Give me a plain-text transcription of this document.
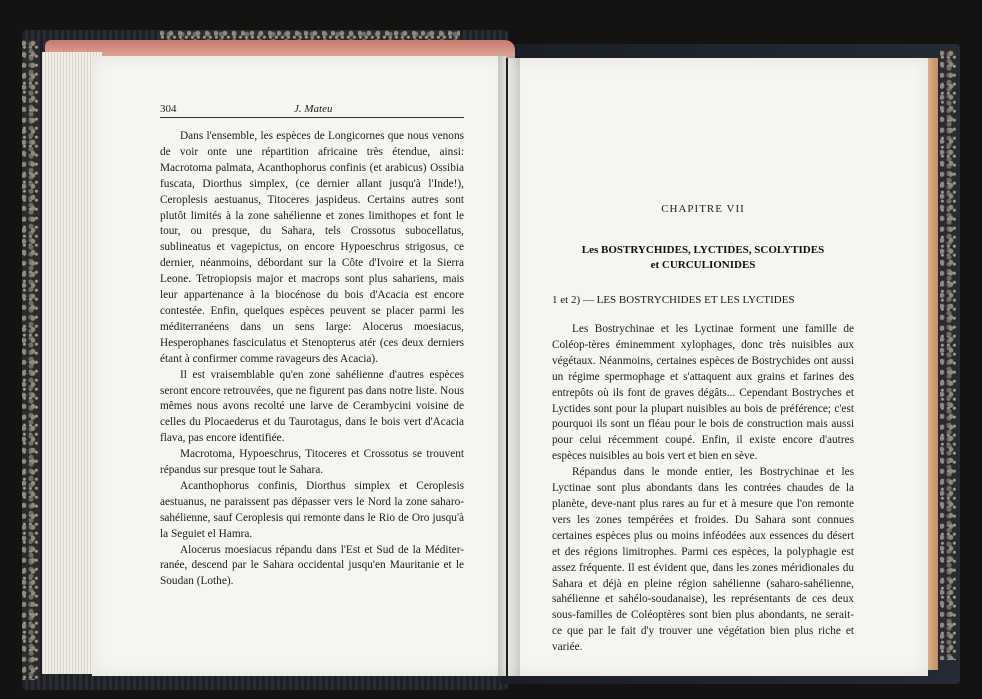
304	J. Mateu

Dans l'ensemble, les espèces de Longicornes que nous venons de voir onte une répartition africaine très étendue, ainsi: Macrotoma palmata, Acanthophorus confinis (et arabicus) Ossibia fuscata, Diorthus simplex, (ce dernier allant jusqu'à l'Inde!), Ceroplesis aestuanus, Titoceres jaspideus. Certains autres sont plutôt limités à la zone sahélienne et zones limithopes et font le tour, ou presque, du Sahara, tels Crossotus subocellatus, sublineatus et vagepictus, on encore Hypoeschrus strigosus, ce dernier, néanmoins, débordant sur la Côte d'Ivoire et la Sierra Leone. Tetropiopsis major et macrops sont plus sahariens, mais leur appartenance à la biocénose du bois d'Acacia est encore contestée. Enfin, quelques espèces peuvent se placer parmi les méditerranéens dans un sens large: Alocerus moesiacus, Hesperophanes fasciculatus et Stenopterus atér (ces deux derniers étant à confirmer comme ravageurs des Acacia).

Il est vraisemblable qu'en zone sahélienne d'autres espèces seront encore retrouvées, que ne figurent pas dans notre liste. Nous mêmes nous avons recolté une larve de Cerambycini voisine de celles du Plocaederus et du Taurotagus, dans le bois vert d'Acacia flava, pas encore identifiée.

Macrotoma, Hypoeschrus, Titoceres et Crossotus se trouvent répandus sur presque tout le Sahara.

Acanthophorus confinis, Diorthus simplex et Ceroplesis aestuanus, ne paraissent pas dépasser vers le Nord la zone saharo-sahélienne, sauf Ceroplesis qui remonte dans le Rio de Oro jusqu'à la Seguiet el Hamra.

Alocerus moesiacus répandu dans l'Est et Sud de la Méditer-ranée, descend par le Sahara occidental jusqu'en Mauritanie et le Soudan (Lothe).

CHAPITRE VII
Les BOSTRYCHIDES, LYCTIDES, SCOLYTIDES
et CURCULIONIDES
1 et 2) — LES BOSTRYCHIDES ET LES LYCTIDES

Les Bostrychinae et les Lyctinae forment une famille de Coléop-tères éminemment xylophages, donc très nuisibles aux végétaux. Néanmoins, certaines espèces de Bostrychides ont aussi un régime spermophage et s'attaquent aux grains et farines des entrepôts où ils font de graves dégâts... Cependant Bostryches et Lyctides sont pour la plupart nuisibles au bois de préférence; c'est pourquoi ils sont un fléau pour le bois de construction mais aussi pour celui récemment coupé. Enfin, il existe encore d'autres espèces nuisibles au bois vert et bien en sève.

Répandus dans le monde entier, les Bostrychinae et les Lyctinae sont plus abondants dans les contrées chaudes de la planète, deve-nant plus rares au fur et à mesure que l'on remonte vers les zones tempérées et froides. Du Sahara sont connues certaines espèces plus ou moins inféodées aux essences du désert et des régions limitrophes. Parmi ces espèces, la polyphagie est assez fréquente. Il est évident que, dans les zones méridionales du Sahara et déjà en pleine région sahélienne (saharo-sahélienne, sahélienne et sahélo-soudanaise), les représentants de ces deux sous-familles de Coléoptères sont bien plus abondants, ne serait-ce que par le fait d'y trouver une végétation bien plus riche et variée.
